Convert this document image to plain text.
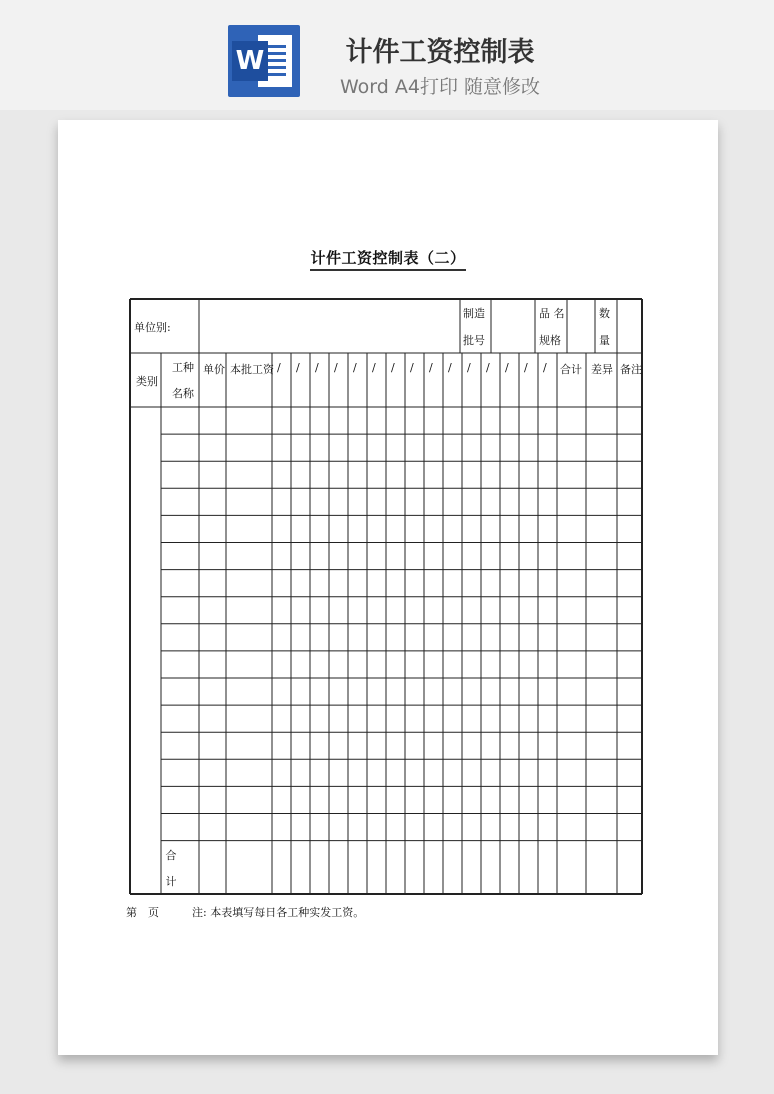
W	计件工资控制表
Word A4打印 随意修改
计件工资控制表（二）
单位别:
制造
批号
品 名
规格
数
量
类别
工种
名称
单价 本批工资 / / / / / / / / / / / / / / / 合计 差异 备注
合
计
第　页	注: 本表填写每日各工种实发工资。
